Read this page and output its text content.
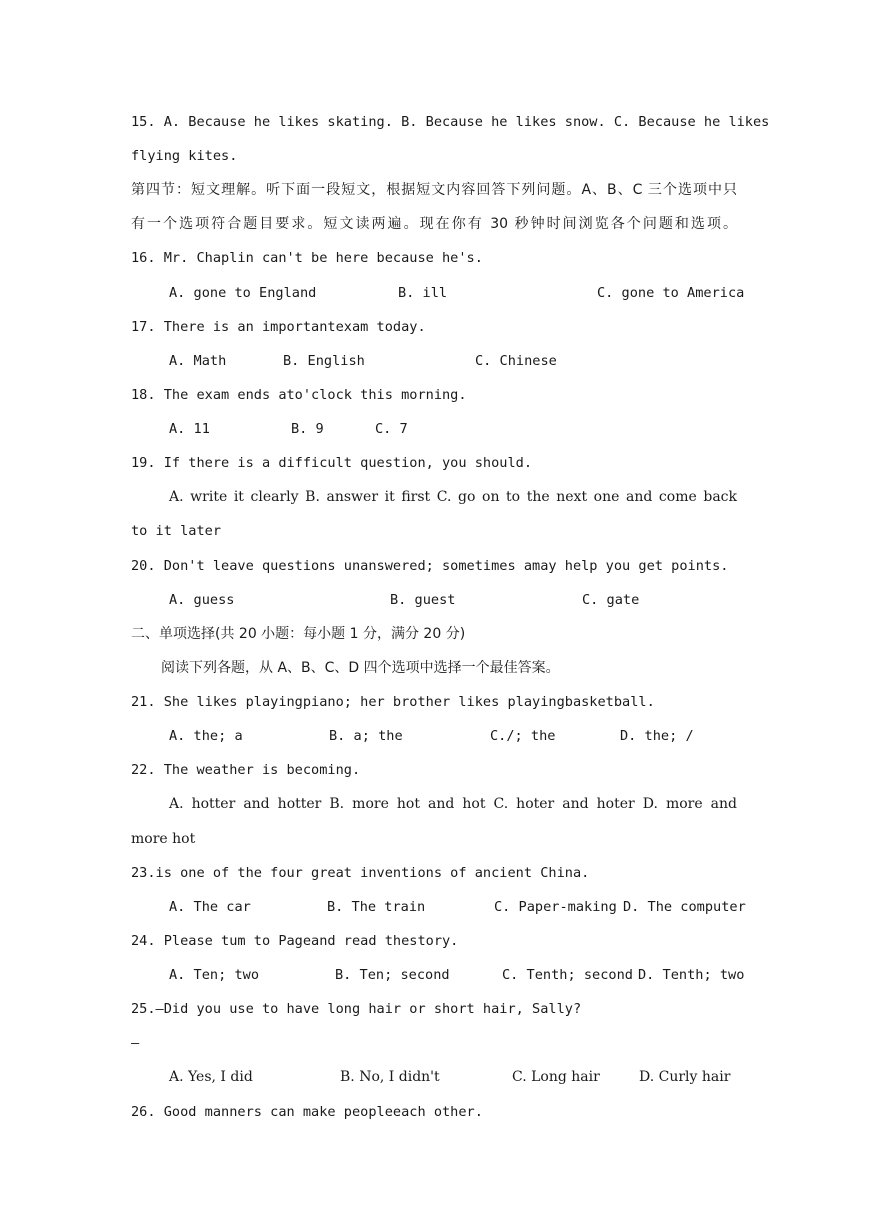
15. A. Because he likes skating. B. Because he likes snow. C. Because he likes
flying kites.
第四节：短文理解。听下面一段短文，根据短文内容回答下列问题。A、B、C 三个选项中只
有一个选项符合题目要求。短文读两遍。现在你有 30 秒钟时间浏览各个问题和选项。
16. Mr. Chaplin can't be here because he's.
A. gone to England	B. ill	C. gone to America
17. There is an importantexam today.
A. Math	B. English	C. Chinese
18. The exam ends ato'clock this morning.
A. 11	B. 9	C. 7
19. If there is a difficult question, you should.
A. write it clearly B. answer it first C. go on to the next one and come back
to it later
20. Don't leave questions unanswered; sometimes amay help you get points.
A. guess	B. guest	C. gate
二、单项选择(共 20 小题：每小题 1 分，满分 20 分)
阅读下列各题，从 A、B、C、D 四个选项中选择一个最佳答案。
21. She likes playingpiano; her brother likes playingbasketball.
A. the; a	B. a; the	C./; the	D. the; /
22. The weather is becoming.
A. hotter and hotter B. more hot and hot C. hoter and hoter D. more and
more hot
23.is one of the four great inventions of ancient China.
A. The car	B. The train	C. Paper-making D. The computer
24. Please tum to Pageand read thestory.
A. Ten; two	B. Ten; second	C. Tenth; second D. Tenth; two
25.—Did you use to have long hair or short hair, Sally?
—
A. Yes, I did	B. No, I didn't	C. Long hair	D. Curly hair
26. Good manners can make peopleeach other.
